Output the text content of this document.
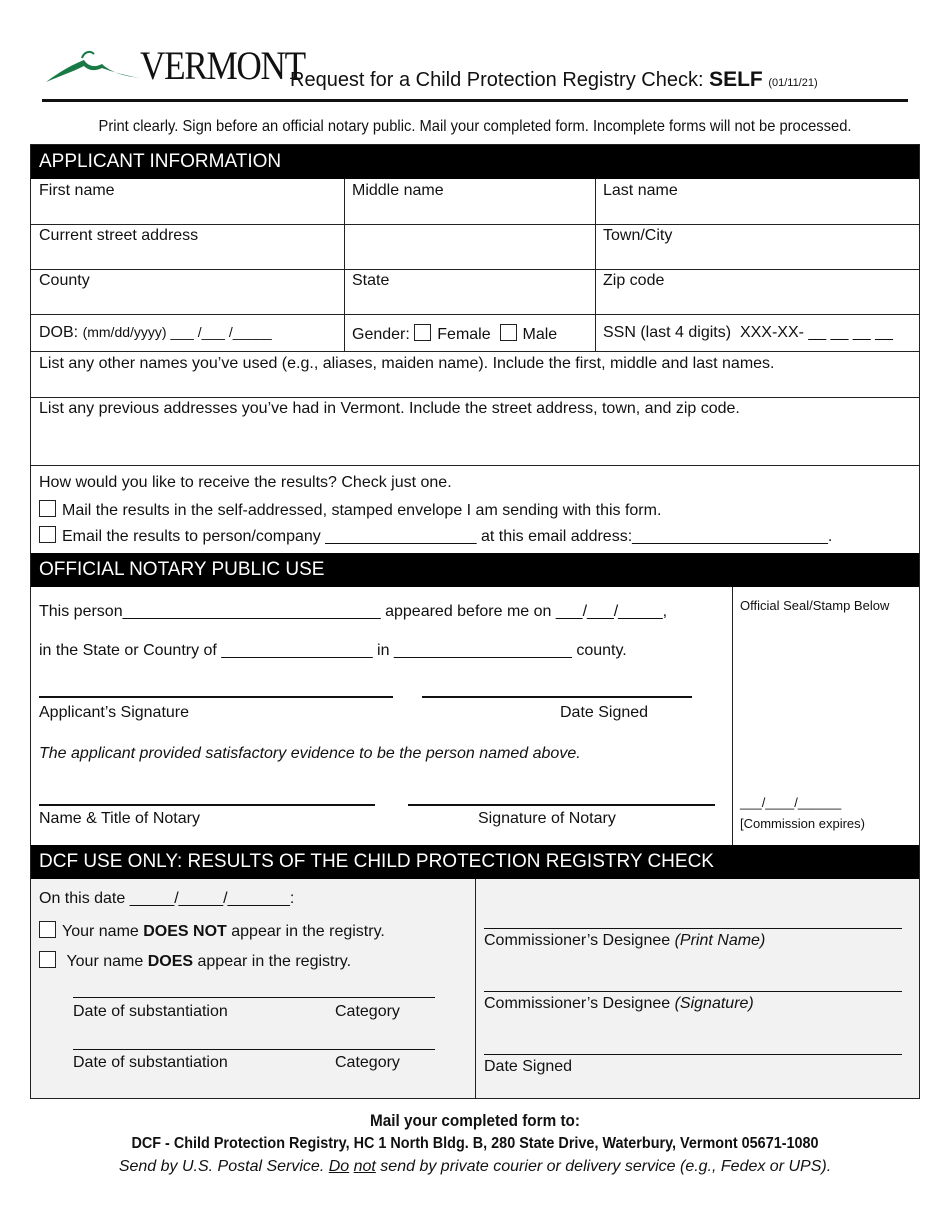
VERMONT
Request for a Child Protection Registry Check: SELF (01/11/21)
Print clearly. Sign before an official notary public. Mail your completed form. Incomplete forms will not be processed.
APPLICANT INFORMATION
First name	Middle name	Last name
Current street address	Town/City
County	State	Zip code
DOB: (mm/dd/yyyy) ___ /___ /_____	Gender: Female Male	SSN (last 4 digits) XXX-XX- __ __ __ __
List any other names you’ve used (e.g., aliases, maiden name). Include the first, middle and last names.
List any previous addresses you’ve had in Vermont. Include the street address, town, and zip code.
How would you like to receive the results? Check just one.
Mail the results in the self-addressed, stamped envelope I am sending with this form.
Email the results to person/company _________________ at this email address:______________________.
OFFICIAL NOTARY PUBLIC USE
This person_____________________________ appeared before me on ___/___/_____,
in the State or Country of _________________ in ____________________ county.
Applicant’s Signature	Date Signed
The applicant provided satisfactory evidence to be the person named above.
Name & Title of Notary	Signature of Notary
Official Seal/Stamp Below
___/____/______
[Commission expires)
DCF USE ONLY: RESULTS OF THE CHILD PROTECTION REGISTRY CHECK
On this date _____/_____/_______:
Your name DOES NOT appear in the registry.
Your name DOES appear in the registry.
Date of substantiation	Category
Date of substantiation	Category
Commissioner’s Designee (Print Name)
Commissioner’s Designee (Signature)
Date Signed
Mail your completed form to:
DCF - Child Protection Registry, HC 1 North Bldg. B, 280 State Drive, Waterbury, Vermont 05671-1080
Send by U.S. Postal Service. Do not send by private courier or delivery service (e.g., Fedex or UPS).
